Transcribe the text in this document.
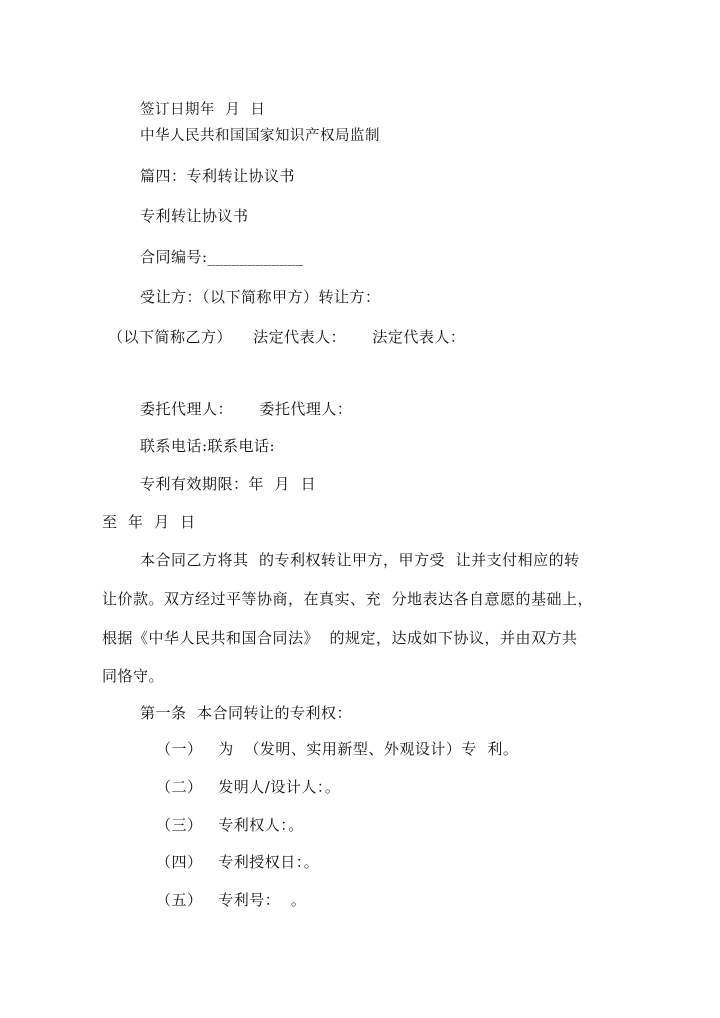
签订日期年  月  日
中华人民共和国国家知识产权局监制
篇四：专利转让协议书
专利转让协议书
合同编号:____________
受让方：（以下简称甲方）转让方：
（以下简称乙方）    法定代表人：     法定代表人：
委托代理人：     委托代理人：
联系电话:联系电话:
专利有效期限：年  月  日
至  年  月  日
本合同乙方将其  的专利权转让甲方，甲方受  让并支付相应的转
让价款。双方经过平等协商，在真实、充  分地表达各自意愿的基础上，
根据《中华人民共和国合同法》  的规定，达成如下协议，并由双方共
同恪守。
第一条  本合同转让的专利权：
（一）   为  （发明、实用新型、外观设计）专  利。
（二）   发明人/设计人：。
（三）   专利权人：。
（四）   专利授权日：。
（五）   专利号：  。
